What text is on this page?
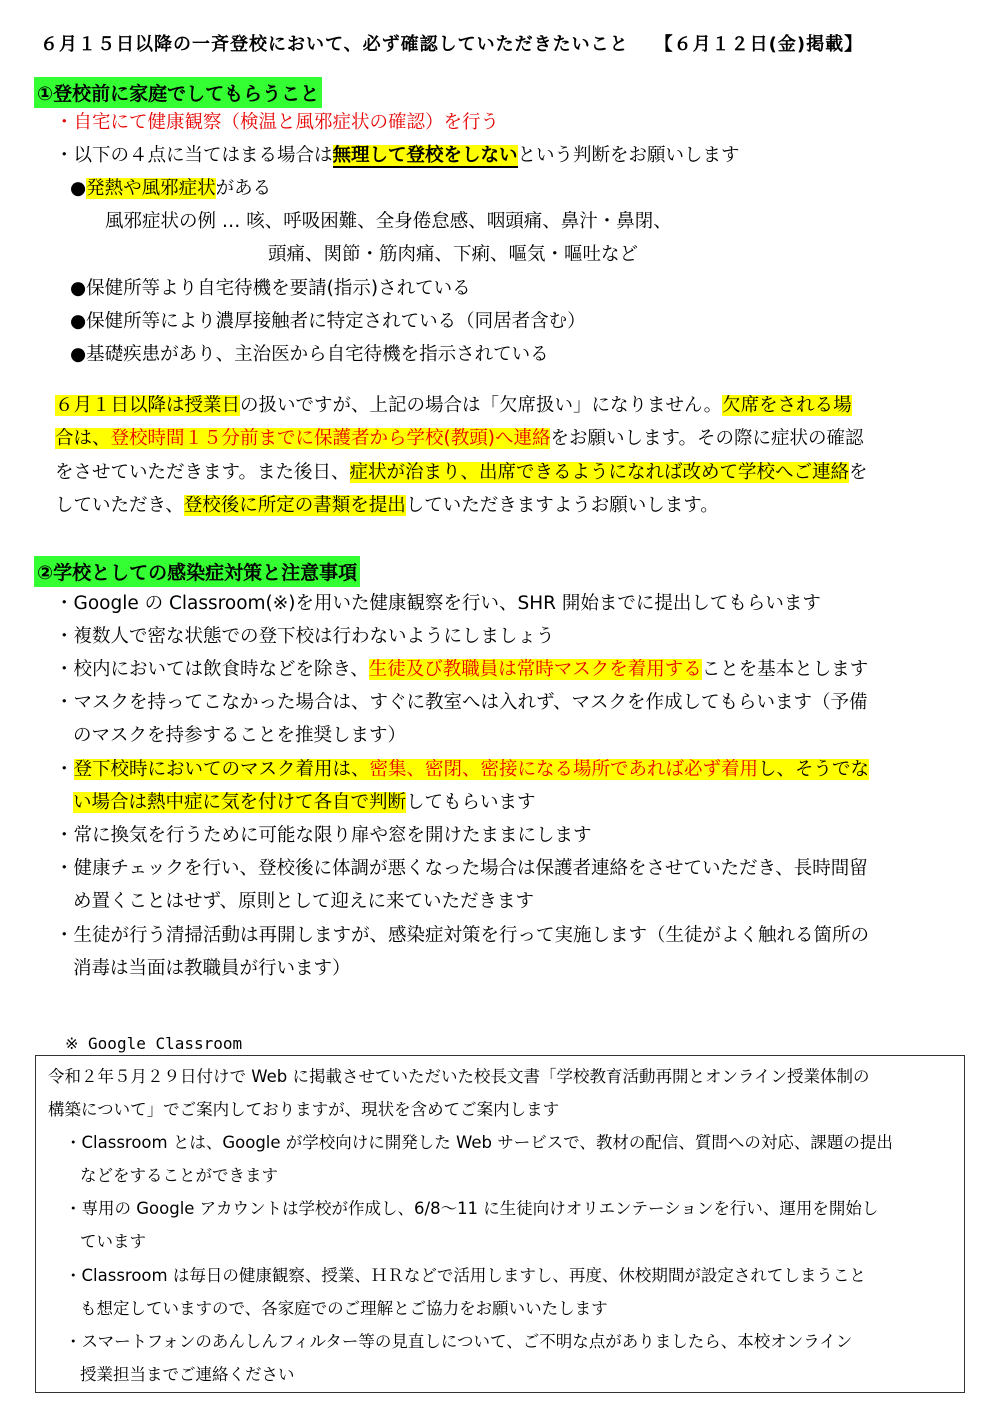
６月１５日以降の一斉登校において、必ず確認していただきたいこと 【６月１２日(金)掲載】
①登校前に家庭でしてもらうこと
・自宅にて健康観察（検温と風邪症状の確認）を行う
・以下の４点に当てはまる場合は無理して登校をしないという判断をお願いします
●発熱や風邪症状がある
風邪症状の例 … 咳、呼吸困難、全身倦怠感、咽頭痛、鼻汁・鼻閉、
頭痛、関節・筋肉痛、下痢、嘔気・嘔吐など
●保健所等より自宅待機を要請(指示)されている
●保健所等により濃厚接触者に特定されている（同居者含む）
●基礎疾患があり、主治医から自宅待機を指示されている
６月１日以降は授業日の扱いですが、上記の場合は「欠席扱い」になりません。欠席をされる場
合は、登校時間１５分前までに保護者から学校(教頭)へ連絡をお願いします。その際に症状の確認
をさせていただきます。また後日、症状が治まり、出席できるようになれば改めて学校へご連絡を
していただき、登校後に所定の書類を提出していただきますようお願いします。
②学校としての感染症対策と注意事項
・Google の Classroom(※)を用いた健康観察を行い、SHR 開始までに提出してもらいます
・複数人で密な状態での登下校は行わないようにしましょう
・校内においては飲食時などを除き、生徒及び教職員は常時マスクを着用することを基本とします
・マスクを持ってこなかった場合は、すぐに教室へは入れず、マスクを作成してもらいます（予備
のマスクを持参することを推奨します）
・登下校時においてのマスク着用は、密集、密閉、密接になる場所であれば必ず着用し、そうでな
い場合は熱中症に気を付けて各自で判断してもらいます
・常に換気を行うために可能な限り扉や窓を開けたままにします
・健康チェックを行い、登校後に体調が悪くなった場合は保護者連絡をさせていただき、長時間留
め置くことはせず、原則として迎えに来ていただきます
・生徒が行う清掃活動は再開しますが、感染症対策を行って実施します（生徒がよく触れる箇所の
消毒は当面は教職員が行います）
※ Google Classroom
令和２年５月２９日付けで Web に掲載させていただいた校長文書「学校教育活動再開とオンライン授業体制の
構築について」でご案内しておりますが、現状を含めてご案内します
・Classroom とは、Google が学校向けに開発した Web サービスで、教材の配信、質問への対応、課題の提出
などをすることができます
・専用の Google アカウントは学校が作成し、6/8～11 に生徒向けオリエンテーションを行い、運用を開始し
ています
・Classroom は毎日の健康観察、授業、ＨＲなどで活用しますし、再度、休校期間が設定されてしまうこと
も想定していますので、各家庭でのご理解とご協力をお願いいたします
・スマートフォンのあんしんフィルター等の見直しについて、ご不明な点がありましたら、本校オンライン
授業担当までご連絡ください
